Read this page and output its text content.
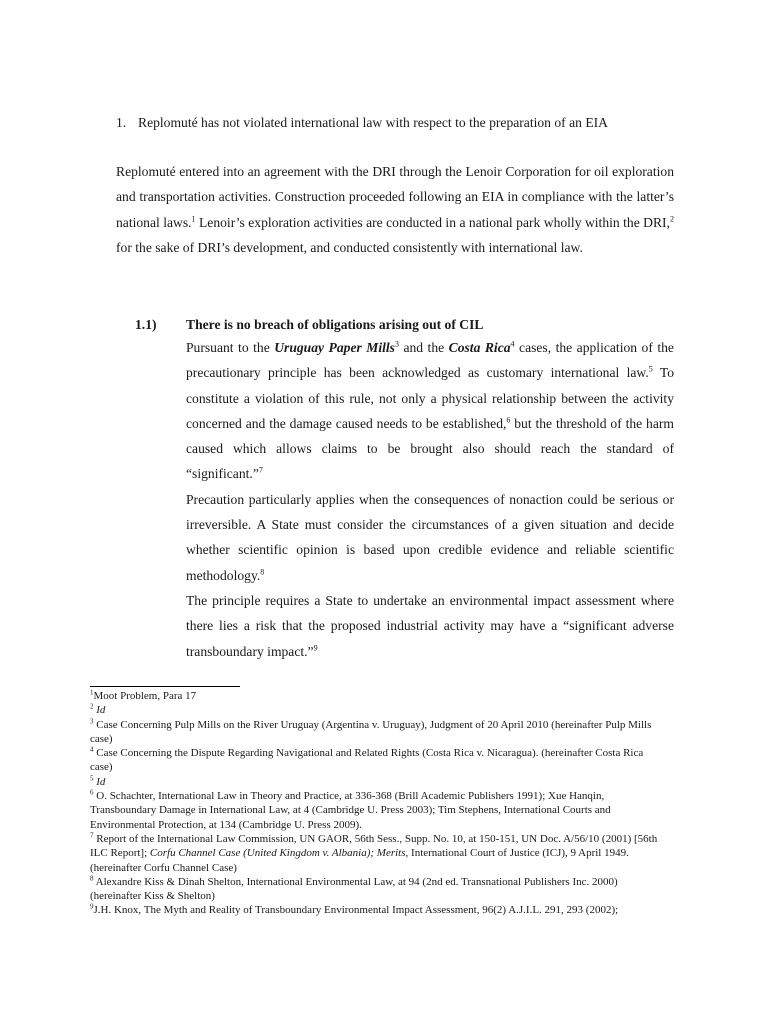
1. Replomuté has not violated international law with respect to the preparation of an EIA
Replomuté entered into an agreement with the DRI through the Lenoir Corporation for oil exploration and transportation activities. Construction proceeded following an EIA in compliance with the latter’s national laws.$^1$ Lenoir’s exploration activities are conducted in a national park wholly within the DRI,$^2$ for the sake of DRI’s development, and conducted consistently with international law.
1.1) There is no breach of obligations arising out of CIL

Pursuant to the Uruguay Paper Mills$^3$ and the Costa Rica$^4$ cases, the application of the precautionary principle has been acknowledged as customary international law.$^5$ To constitute a violation of this rule, not only a physical relationship between the activity concerned and the damage caused needs to be established,$^6$ but the threshold of the harm caused which allows claims to be brought also should reach the standard of “significant.”$^7$

Precaution particularly applies when the consequences of nonaction could be serious or irreversible. A State must consider the circumstances of a given situation and decide whether scientific opinion is based upon credible evidence and reliable scientific methodology.$^8$

The principle requires a State to undertake an environmental impact assessment where there lies a risk that the proposed industrial activity may have a “significant adverse transboundary impact.”$^9$

$^1$Moot Problem, Para 17

$^2$ Id

$^3$ Case Concerning Pulp Mills on the River Uruguay (Argentina v. Uruguay), Judgment of 20 April 2010 (hereinafter Pulp Mills case)

$^4$ Case Concerning the Dispute Regarding Navigational and Related Rights (Costa Rica v. Nicaragua). (hereinafter Costa Rica case)

$^5$ Id

$^6$ O. Schachter, International Law in Theory and Practice, at 336-368 (Brill Academic Publishers 1991); Xue Hanqin, Transboundary Damage in International Law, at 4 (Cambridge U. Press 2003); Tim Stephens, International Courts and Environmental Protection, at 134 (Cambridge U. Press 2009).

$^7$ Report of the International Law Commission, UN GAOR, 56th Sess., Supp. No. 10, at 150-151, UN Doc. A/56/10 (2001) [56th ILC Report]; Corfu Channel Case (United Kingdom v. Albania); Merits, International Court of Justice (ICJ), 9 April 1949. (hereinafter Corfu Channel Case)

$^8$ Alexandre Kiss & Dinah Shelton, International Environmental Law, at 94 (2nd ed. Transnational Publishers Inc. 2000) (hereinafter Kiss & Shelton)

$^9$J.H. Knox, The Myth and Reality of Transboundary Environmental Impact Assessment, 96(2) A.J.I.L. 291, 293 (2002);
